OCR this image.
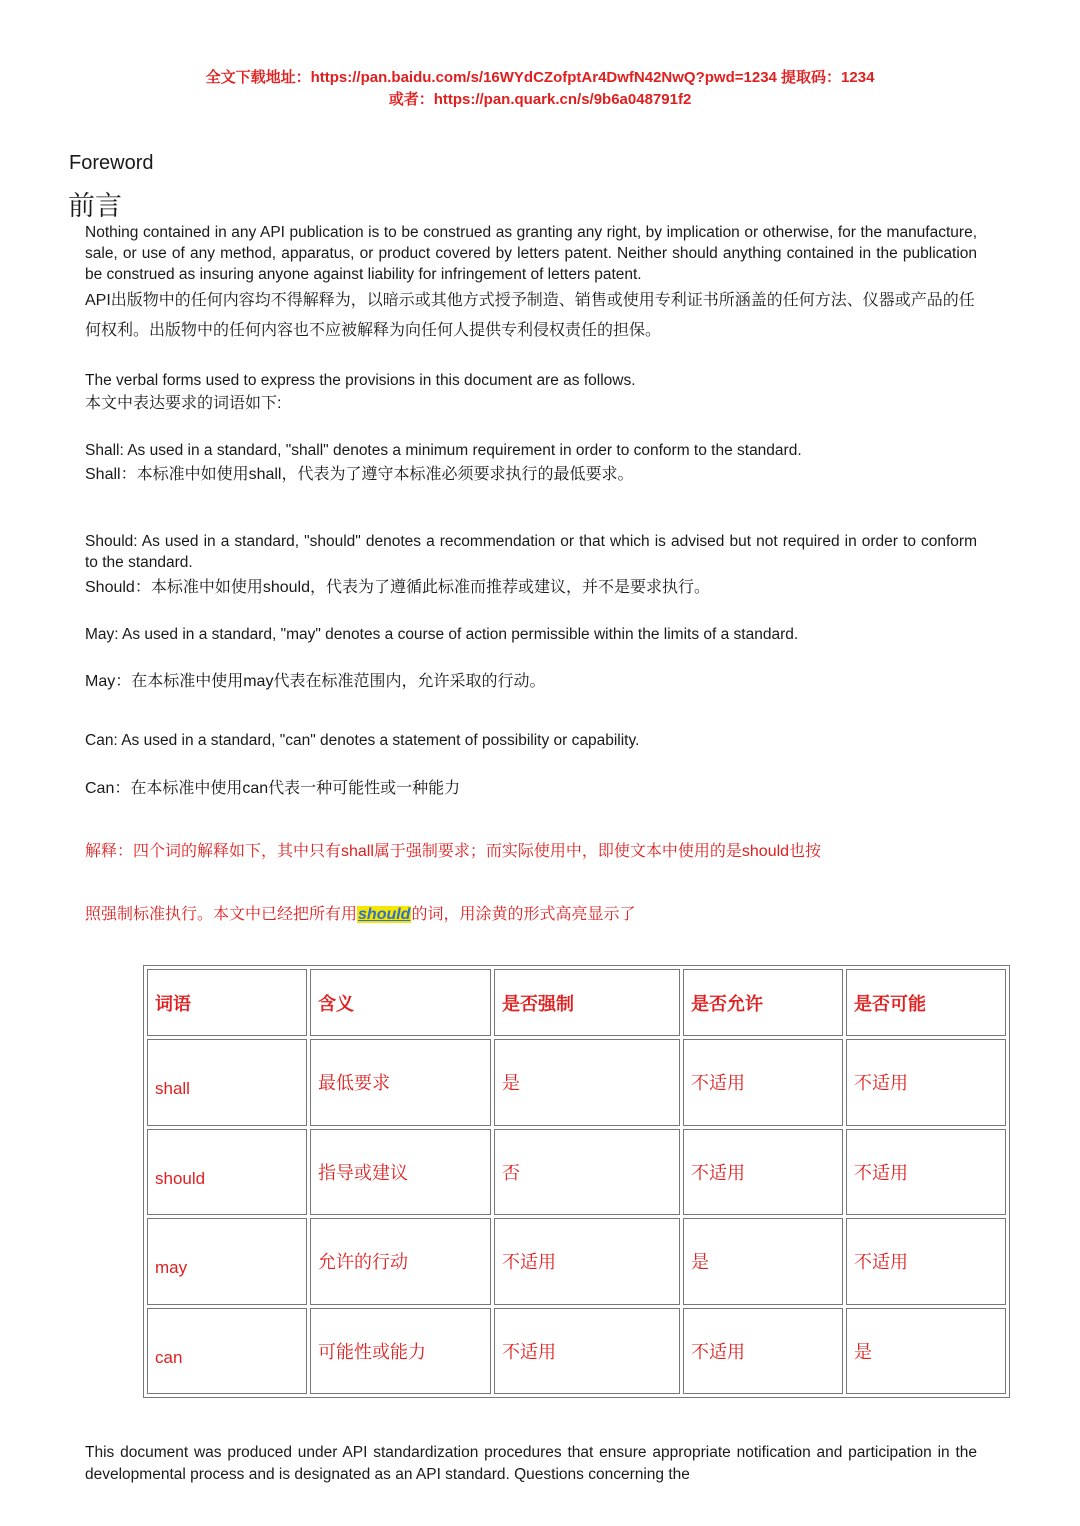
全文下载地址：https://pan.baidu.com/s/16WYdCZofptAr4DwfN42NwQ?pwd=1234 提取码：1234
或者：https://pan.quark.cn/s/9b6a048791f2
Foreword
前言
Nothing contained in any API publication is to be construed as granting any right, by implication or otherwise, for the manufacture, sale, or use of any method, apparatus, or product covered by letters patent. Neither should anything contained in the publication be construed as insuring anyone against liability for infringement of letters patent.
API出版物中的任何内容均不得解释为，以暗示或其他方式授予制造、销售或使用专利证书所涵盖的任何方法、仪器或产品的任何权利。出版物中的任何内容也不应被解释为向任何人提供专利侵权责任的担保。
The verbal forms used to express the provisions in this document are as follows.
本文中表达要求的词语如下:
Shall: As used in a standard, "shall" denotes a minimum requirement in order to conform to the standard.
Shall：本标准中如使用shall，代表为了遵守本标准必须要求执行的最低要求。
Should: As used in a standard, "should" denotes a recommendation or that which is advised but not required in order to conform to the standard.
Should：本标准中如使用should，代表为了遵循此标准而推荐或建议，并不是要求执行。
May: As used in a standard, "may" denotes a course of action permissible within the limits of a standard.
May：在本标准中使用may代表在标准范围内，允许采取的行动。
Can: As used in a standard, "can" denotes a statement of possibility or capability.
Can：在本标准中使用can代表一种可能性或一种能力
解释：四个词的解释如下，其中只有shall属于强制要求；而实际使用中，即使文本中使用的是should也按
照强制标准执行。本文中已经把所有用should的词，用涂黄的形式高亮显示了
词语	含义	是否强制	是否允许	是否可能
shall	最低要求	是	不适用	不适用
should	指导或建议	否	不适用	不适用
may	允许的行动	不适用	是	不适用
can	可能性或能力	不适用	不适用	是
This document was produced under API standardization procedures that ensure appropriate notification and participation in the developmental process and is designated as an API standard. Questions concerning the
